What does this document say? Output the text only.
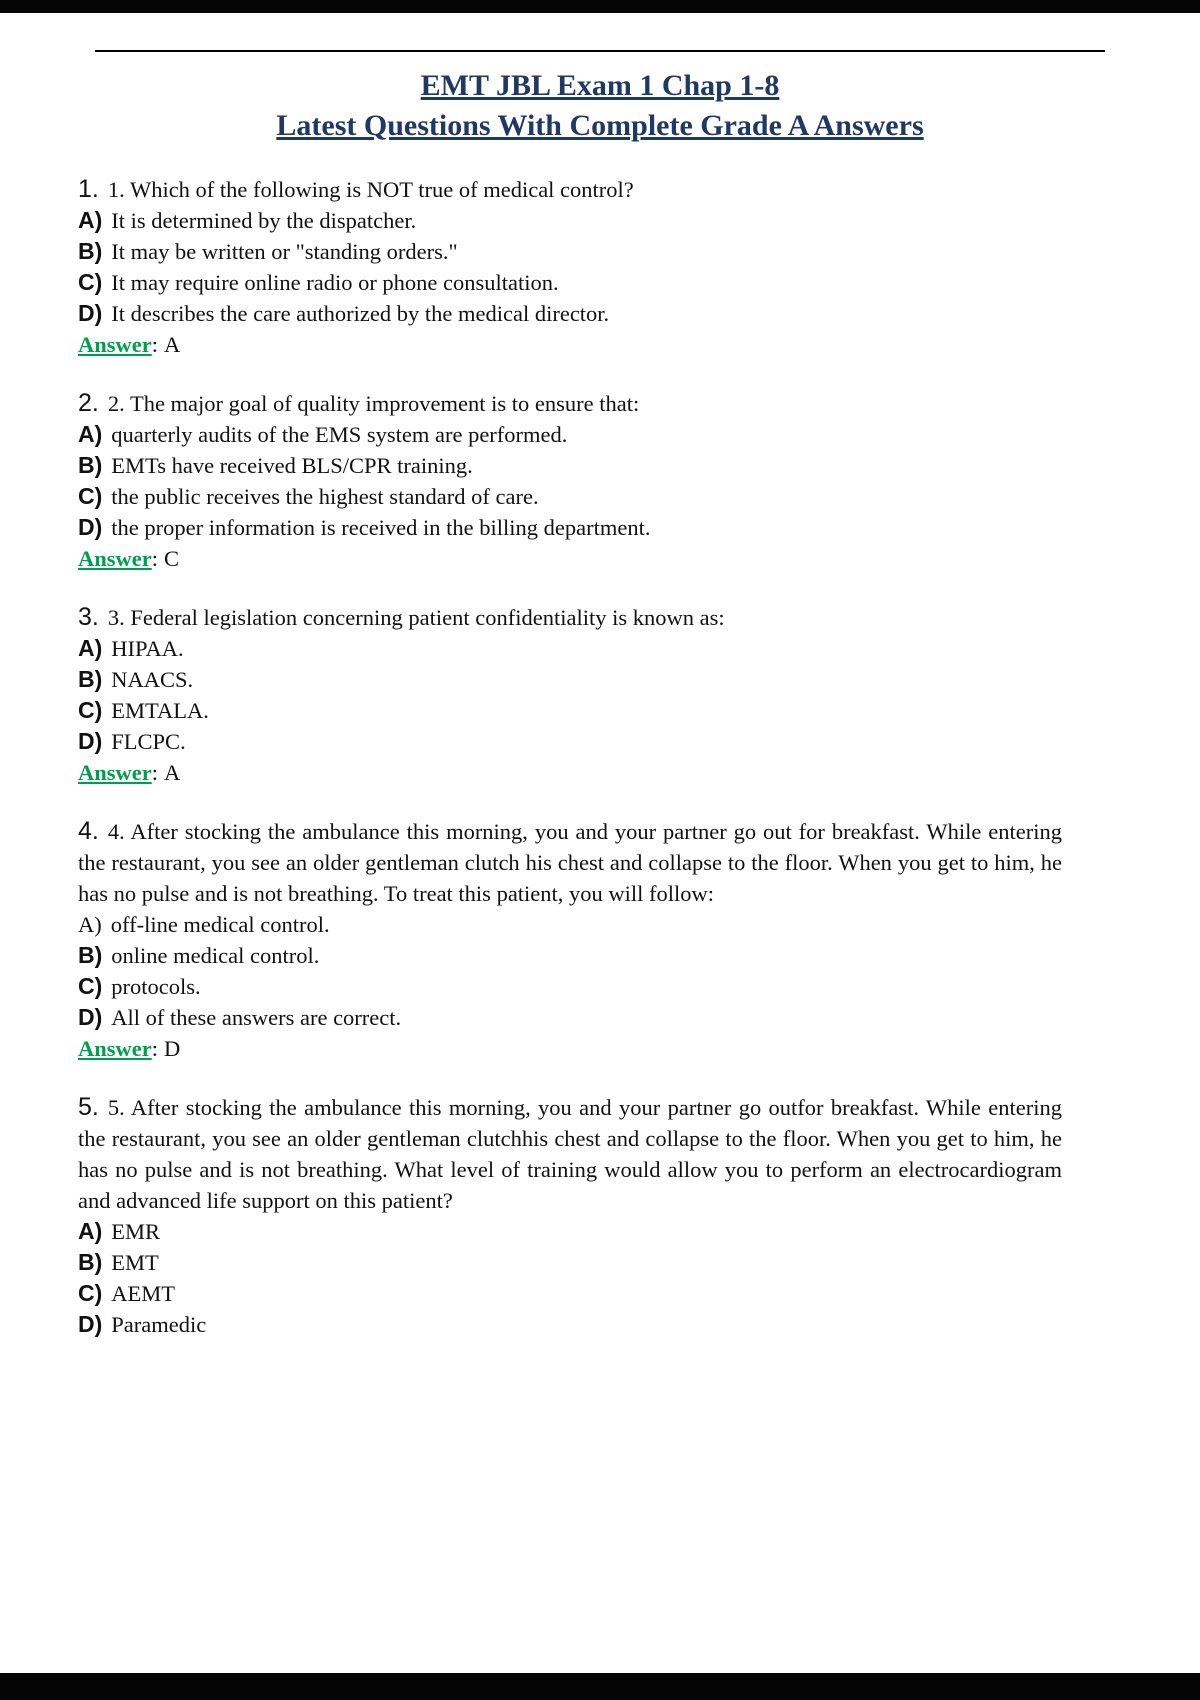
EMT JBL Exam 1 Chap 1-8

Latest Questions With Complete Grade A Answers

1. 1. Which of the following is NOT true of medical control?

A) It is determined by the dispatcher.

B) It may be written or "standing orders."

C) It may require online radio or phone consultation.

D) It describes the care authorized by the medical director.

Answer: A

2. 2. The major goal of quality improvement is to ensure that:

A) quarterly audits of the EMS system are performed.

B) EMTs have received BLS/CPR training.

C) the public receives the highest standard of care.

D) the proper information is received in the billing department.

Answer: C

3. 3. Federal legislation concerning patient confidentiality is known as:

A) HIPAA.

B) NAACS.

C) EMTALA.

D) FLCPC.

Answer: A

4. 4. After stocking the ambulance this morning, you and your partner go out for breakfast. While entering the restaurant, you see an older gentleman clutch his chest and collapse to the floor. When you get to him, he has no pulse and is not breathing. To treat this patient, you will follow:

A) off-line medical control.

B) online medical control.

C) protocols.

D) All of these answers are correct.

Answer: D

5. 5. After stocking the ambulance this morning, you and your partner go outfor breakfast. While entering the restaurant, you see an older gentleman clutchhis chest and collapse to the floor. When you get to him, he has no pulse and is not breathing. What level of training would allow you to perform an electrocardiogram and advanced life support on this patient?

A) EMR

B) EMT

C) AEMT

D) Paramedic
